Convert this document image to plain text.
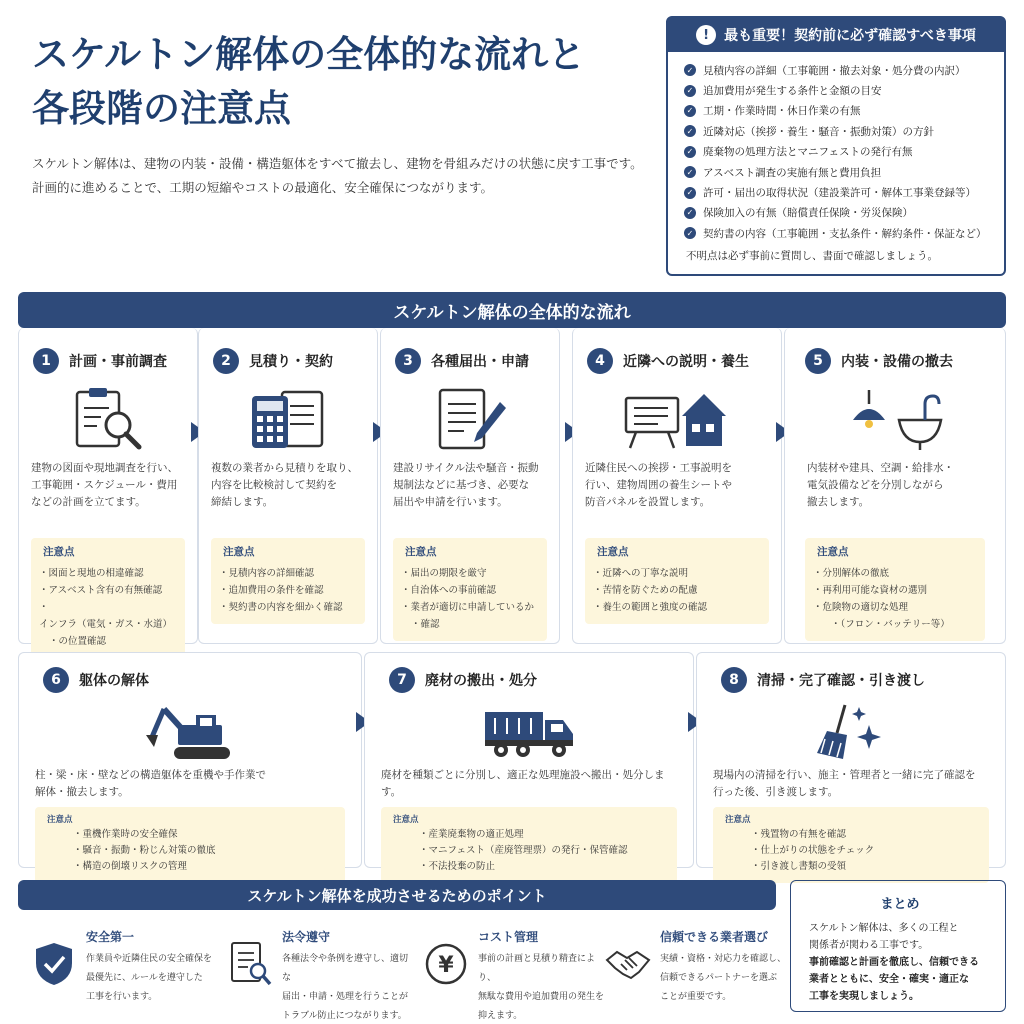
スケルトン解体の全体的な流れと
各段階の注意点
スケルトン解体は、建物の内装・設備・構造躯体をすべて撤去し、建物を骨組みだけの状態に戻す工事です。
計画的に進めることで、工期の短縮やコストの最適化、安全確保につながります。
!	最も重要！契約前に必ず確認すべき事項
✓ 見積内容の詳細（工事範囲・撤去対象・処分費の内訳）
✓ 追加費用が発生する条件と金額の目安
✓ 工期・作業時間・休日作業の有無
✓ 近隣対応（挨拶・養生・騒音・振動対策）の方針
✓ 廃棄物の処理方法とマニフェストの発行有無
✓ アスベスト調査の実施有無と費用負担
✓ 許可・届出の取得状況（建設業許可・解体工事業登録等）
✓ 保険加入の有無（賠償責任保険・労災保険）
✓ 契約書の内容（工事範囲・支払条件・解約条件・保証など）
不明点は必ず事前に質問し、書面で確認しましょう。
スケルトン解体の全体的な流れ
1	計画・事前調査
建物の図面や現地調査を行い、
工事範囲・スケジュール・費用
などの計画を立てます。
注意点
・ 図面と現地の相違確認
・ アスベスト含有の有無確認
・ インフラ（電気・ガス・水道）
・ の位置確認
2	見積り・契約
複数の業者から見積りを取り、
内容を比較検討して契約を
締結します。
注意点
・ 見積内容の詳細確認
・ 追加費用の条件を確認
・ 契約書の内容を細かく確認
3	各種届出・申請
建設リサイクル法や騒音・振動
規制法などに基づき、必要な
届出や申請を行います。
注意点
・ 届出の期限を厳守
・ 自治体への事前確認
・ 業者が適切に申請しているか
・ 確認
4	近隣への説明・養生
近隣住民への挨拶・工事説明を
行い、建物周囲の養生シートや
防音パネルを設置します。
注意点
・ 近隣への丁寧な説明
・ 苦情を防ぐための配慮
・ 養生の範囲と強度の確認
5	内装・設備の撤去
内装材や建具、空調・給排水・
電気設備などを分別しながら
撤去します。
注意点
・ 分別解体の徹底
・ 再利用可能な資材の選別
・ 危険物の適切な処理
・ （フロン・バッテリー等）
6	躯体の解体
柱・梁・床・壁などの構造躯体を重機や手作業で
解体・撤去します。
注意点
・ 重機作業時の安全確保
・ 騒音・振動・粉じん対策の徹底
・ 構造の倒壊リスクの管理
7	廃材の搬出・処分
廃材を種類ごとに分別し、適正な処理施設へ搬出・処分します。
注意点
・ 産業廃棄物の適正処理
・ マニフェスト（産廃管理票）の発行・保管確認
・ 不法投棄の防止
8	清掃・完了確認・引き渡し
現場内の清掃を行い、施主・管理者と一緒に完了確認を
行った後、引き渡します。
注意点
・ 残置物の有無を確認
・ 仕上がりの状態をチェック
・ 引き渡し書類の受領
スケルトン解体を成功させるためのポイント
安全第一
作業員や近隣住民の安全確保を
最優先に、ルールを遵守した
工事を行います。
法令遵守
各種法令や条例を遵守し、適切な
届出・申請・処理を行うことが
トラブル防止につながります。
¥
コスト管理
事前の計画と見積り精査により、
無駄な費用や追加費用の発生を
抑えます。
信頼できる業者選び
実績・資格・対応力を確認し、
信頼できるパートナーを選ぶ
ことが重要です。
まとめ
スケルトン解体は、多くの工程と
関係者が関わる工事です。
事前確認と計画を徹底し、信頼できる
業者とともに、安全・確実・適正な
工事を実現しましょう。
